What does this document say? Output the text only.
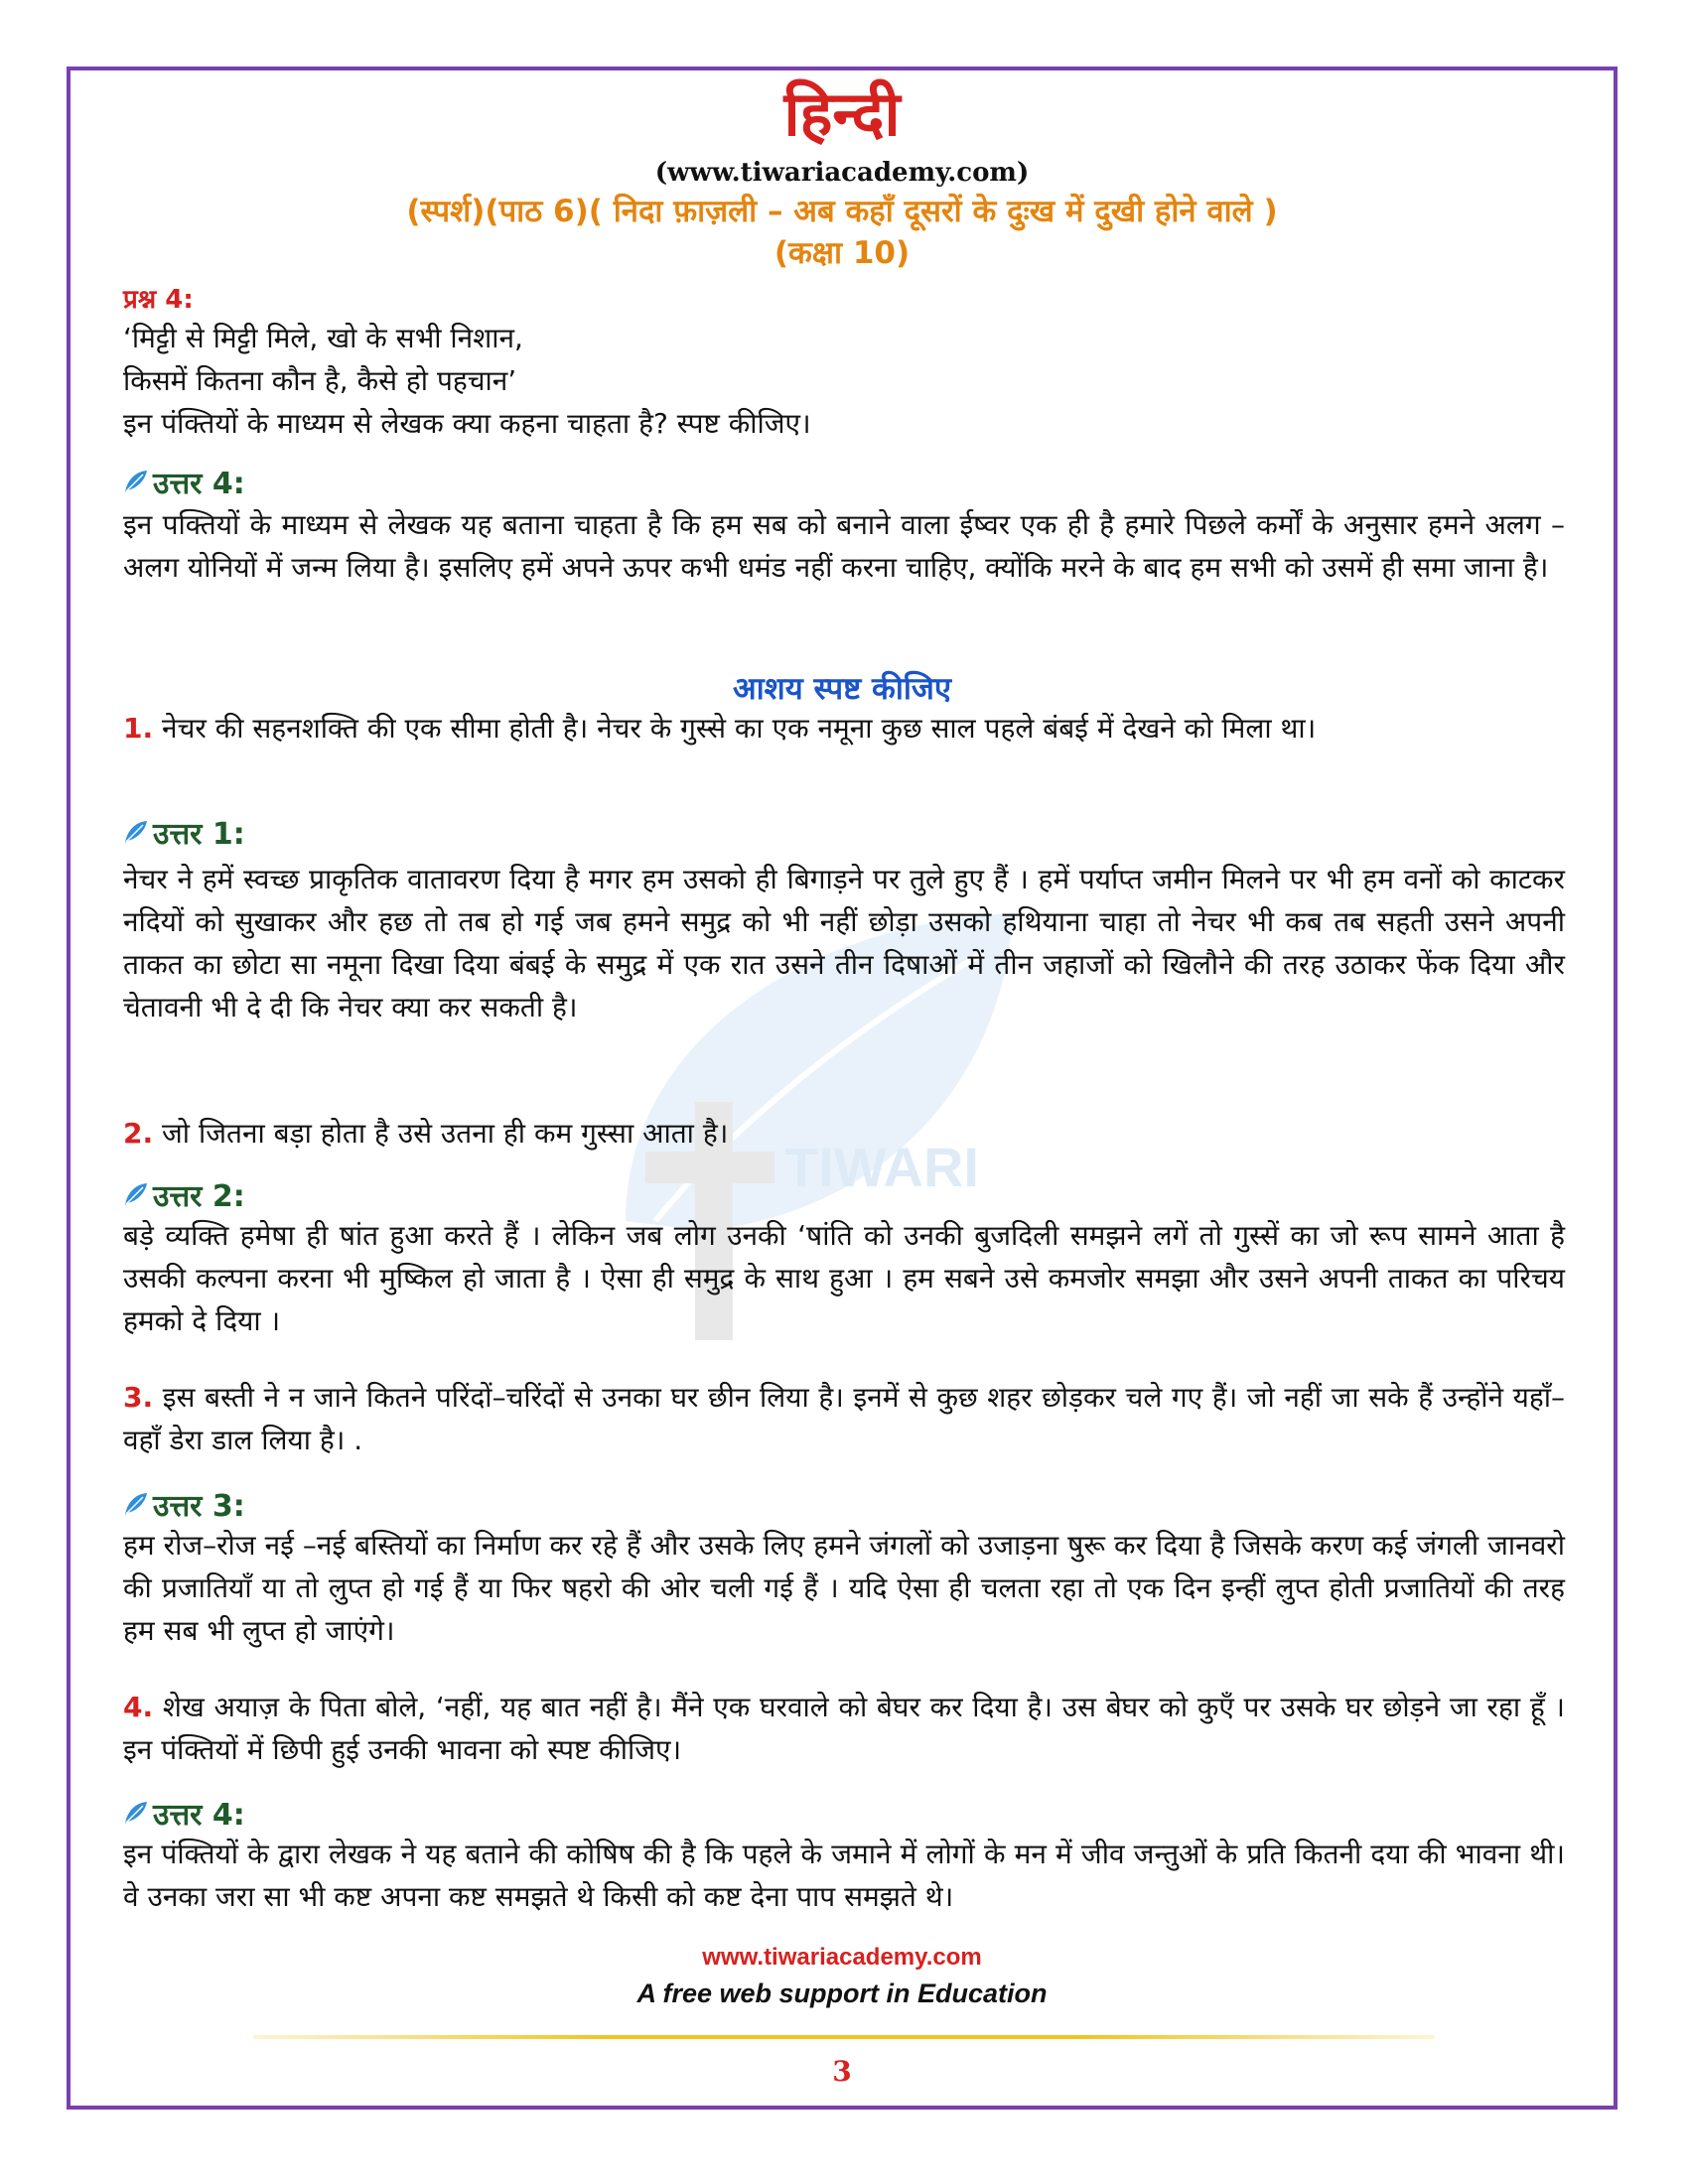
TIWARI
हिन्दी
(www.tiwariacademy.com)
(स्पर्श)(पाठ 6)( निदा फ़ाज़ली – अब कहाँ दूसरों के दुःख में दुखी होने वाले )
(कक्षा 10)
प्रश्न 4:
‘मिट्टी से मिट्टी मिले, खो के सभी निशान,
किसमें कितना कौन है, कैसे हो पहचान’
इन पंक्तियों के माध्यम से लेखक क्या कहना चाहता है? स्पष्ट कीजिए।
उत्तर 4:
इन पक्तियों के माध्यम से लेखक यह बताना चाहता है कि हम सब को बनाने वाला ईष्वर एक ही है हमारे पिछले कर्मों के अनुसार हमने अलग –अलग योनियों में जन्म लिया है। इसलिए हमें अपने ऊपर कभी धमंड नहीं करना चाहिए, क्योंकि मरने के बाद हम सभी को उसमें ही समा जाना है।
आशय स्पष्ट कीजिए
1. नेचर की सहनशक्ति की एक सीमा होती है। नेचर के गुस्से का एक नमूना कुछ साल पहले बंबई में देखने को मिला था।
उत्तर 1:
नेचर ने हमें स्वच्छ प्राकृतिक वातावरण दिया है मगर हम उसको ही बिगाड़ने पर तुले हुए हैं । हमें पर्याप्त जमीन मिलने पर भी हम वनों को काटकर नदियों को सुखाकर और हछ तो तब हो गई जब हमने समुद्र को भी नहीं छोड़ा उसको हथियाना चाहा तो नेचर भी कब तब सहती उसने अपनी ताकत का छोटा सा नमूना दिखा दिया बंबई के समुद्र में एक रात उसने तीन दिषाओं में तीन जहाजों को खिलौने की तरह उठाकर फेंक दिया और चेतावनी भी दे दी कि नेचर क्या कर सकती है।
2. जो जितना बड़ा होता है उसे उतना ही कम गुस्सा आता है।
उत्तर 2:
बड़े व्यक्ति हमेषा ही षांत हुआ करते हैं । लेकिन जब लोग उनकी ‘षांति को उनकी बुजदिली समझने लगें तो गुस्सें का जो रूप सामने आता है उसकी कल्पना करना भी मुष्किल हो जाता है । ऐसा ही समुद्र के साथ हुआ । हम सबने उसे कमजोर समझा और उसने अपनी ताकत का परिचय हमको दे दिया ।
3. इस बस्ती ने न जाने कितने परिंदों–चरिंदों से उनका घर छीन लिया है। इनमें से कुछ शहर छोड़कर चले गए हैं। जो नहीं जा सके हैं उन्होंने यहाँ–वहाँ डेरा डाल लिया है। .
उत्तर 3:
हम रोज–रोज नई –नई बस्तियों का निर्माण कर रहे हैं और उसके लिए हमने जंगलों को उजाड़ना षुरू कर दिया है जिसके करण कई जंगली जानवरो की प्रजातियाँ या तो लुप्त हो गई हैं या फिर षहरो की ओर चली गई हैं । यदि ऐसा ही चलता रहा तो एक दिन इन्हीं लुप्त होती प्रजातियों की तरह हम सब भी लुप्त हो जाएंगे।
4. शेख अयाज़ के पिता बोले, ‘नहीं, यह बात नहीं है। मैंने एक घरवाले को बेघर कर दिया है। उस बेघर को कुएँ पर उसके घर छोड़ने जा रहा हूँ । इन पंक्तियों में छिपी हुई उनकी भावना को स्पष्ट कीजिए।
उत्तर 4:
इन पंक्तियों के द्वारा लेखक ने यह बताने की कोषिष की है कि पहले के जमाने में लोगों के मन में जीव जन्तुओं के प्रति कितनी दया की भावना थी। वे उनका जरा सा भी कष्ट अपना कष्ट समझते थे किसी को कष्ट देना पाप समझते थे।
www.tiwariacademy.com
A free web support in Education
3
